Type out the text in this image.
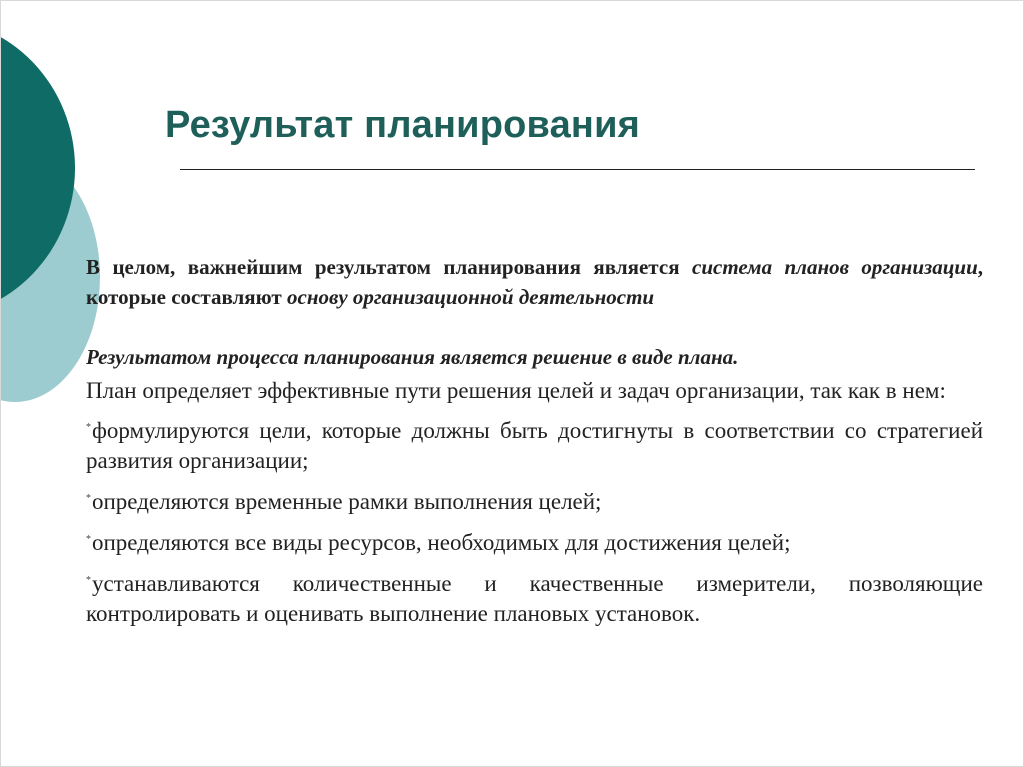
Результат планирования

В целом, важнейшим результатом планирования является система планов организации, которые составляют основу организационной деятельности

Результатом процесса планирования является решение в виде плана.

План определяет эффективные пути решения целей и задач организации, так как в нем:

*формулируются цели, которые должны быть достигнуты в соответствии со стратегией развития организации;

*определяются временные рамки выполнения целей;

*определяются все виды ресурсов, необходимых для достижения целей;

*устанавливаются количественные и качественные измерители, позволяющие контролировать и оценивать выполнение плановых установок.
